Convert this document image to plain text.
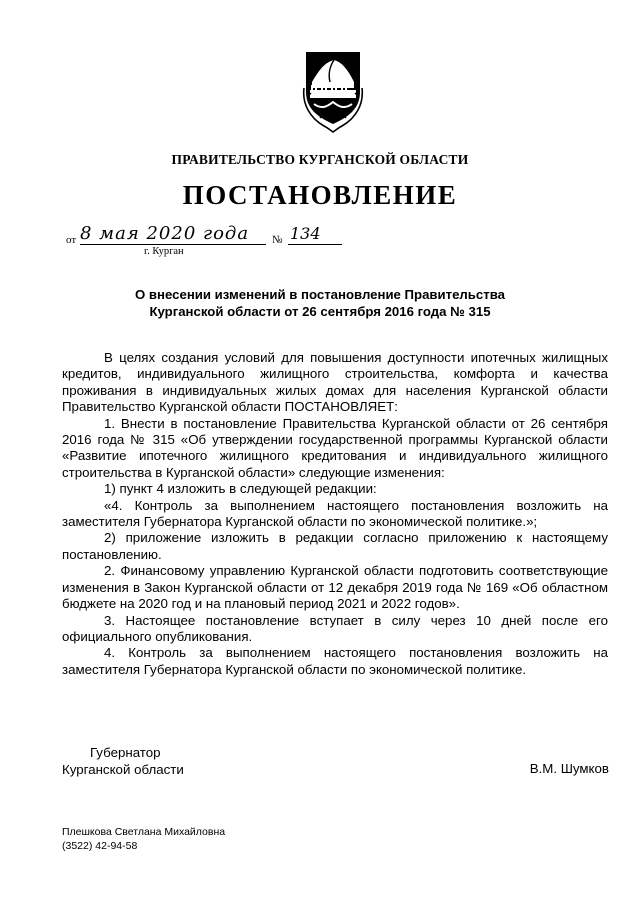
ПРАВИТЕЛЬСТВО КУРГАНСКОЙ ОБЛАСТИ
ПОСТАНОВЛЕНИЕ
от 8 мая 2020 года	№ 134
г. Курган
О внесении изменений в постановление Правительства
Курганской области от 26 сентября 2016 года № 315

В целях создания условий для повышения доступности ипотечных жилищных кредитов, индивидуального жилищного строительства, комфорта и качества проживания в индивидуальных жилых домах для населения Курганской области Правительство Курганской области ПОСТАНОВЛЯЕТ:

1. Внести в постановление Правительства Курганской области от 26 сентября 2016 года № 315 «Об утверждении государственной программы Курганской области «Развитие ипотечного жилищного кредитования и индивидуального жилищного строительства в Курганской области» следующие изменения:

1) пункт 4 изложить в следующей редакции:

«4. Контроль за выполнением настоящего постановления возложить на заместителя Губернатора Курганской области по экономической политике.»;

2) приложение изложить в редакции согласно приложению к настоящему постановлению.

2. Финансовому управлению Курганской области подготовить соответствующие изменения в Закон Курганской области от 12 декабря 2019 года № 169 «Об областном бюджете на 2020 год и на плановый период 2021 и 2022 годов».

3. Настоящее постановление вступает в силу через 10 дней после его официального опубликования.

4. Контроль за выполнением настоящего постановления возложить на заместителя Губернатора Курганской области по экономической политике.

Губернатор
Курганской области	В.М. Шумков
Плешкова Светлана Михайловна
(3522) 42-94-58
